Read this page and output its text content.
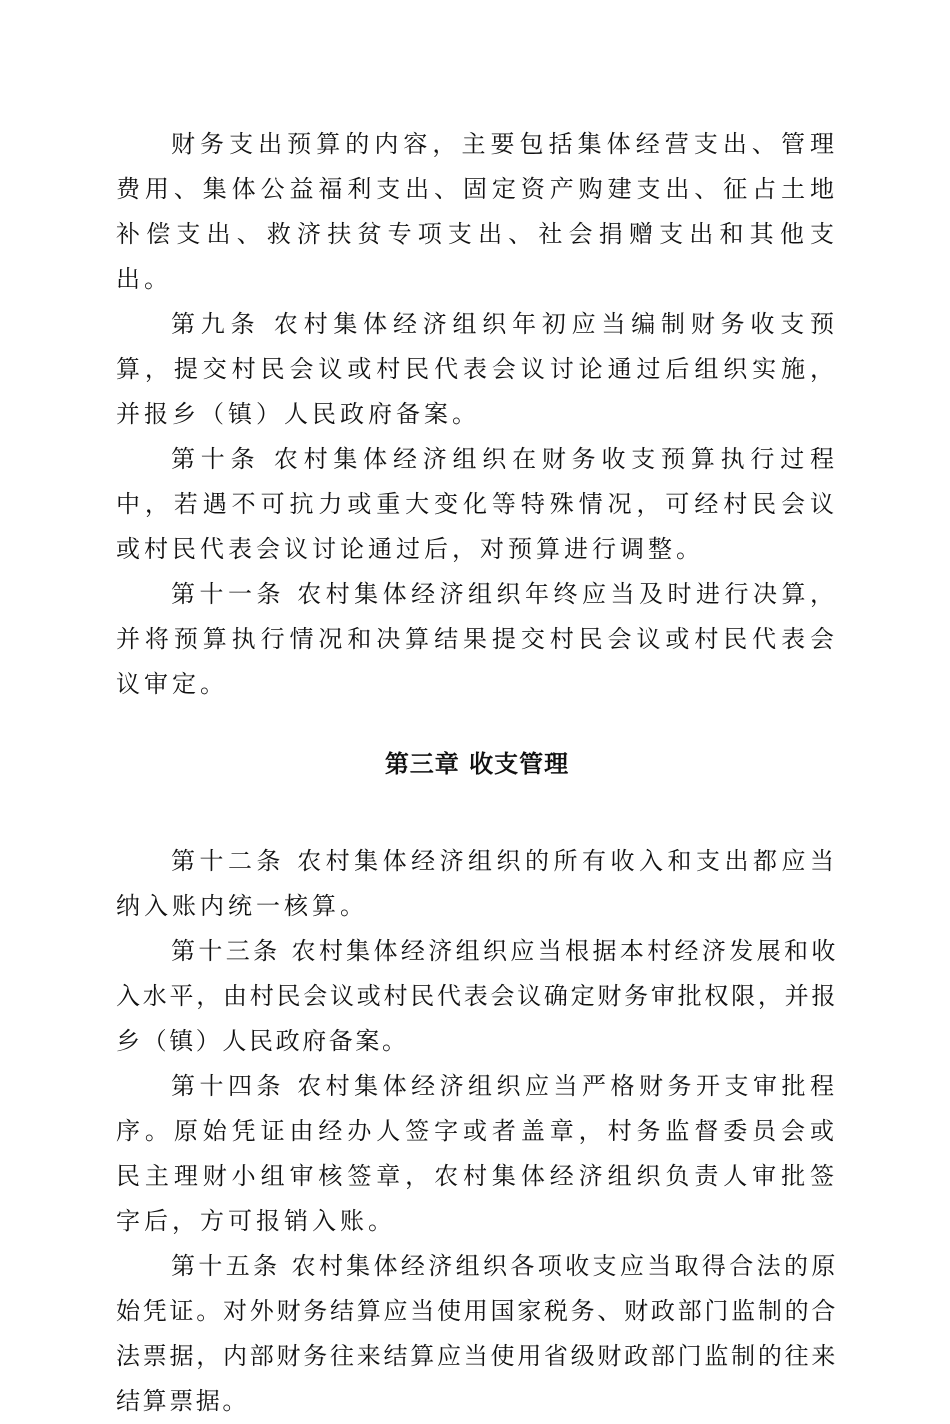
财务支出预算的内容，主要包括集体经营支出、管理费用、集体公益福利支出、固定资产购建支出、征占土地补偿支出、救济扶贫专项支出、社会捐赠支出和其他支出。

第九条 农村集体经济组织年初应当编制财务收支预算，提交村民会议或村民代表会议讨论通过后组织实施，并报乡（镇）人民政府备案。

第十条 农村集体经济组织在财务收支预算执行过程中，若遇不可抗力或重大变化等特殊情况，可经村民会议或村民代表会议讨论通过后，对预算进行调整。

第十一条 农村集体经济组织年终应当及时进行决算，并将预算执行情况和决算结果提交村民会议或村民代表会议审定。

第三章 收支管理

第十二条 农村集体经济组织的所有收入和支出都应当纳入账内统一核算。

第十三条 农村集体经济组织应当根据本村经济发展和收入水平，由村民会议或村民代表会议确定财务审批权限，并报乡（镇）人民政府备案。

第十四条 农村集体经济组织应当严格财务开支审批程序。原始凭证由经办人签字或者盖章，村务监督委员会或民主理财小组审核签章，农村集体经济组织负责人审批签字后，方可报销入账。

第十五条 农村集体经济组织各项收支应当取得合法的原始凭证。对外财务结算应当使用国家税务、财政部门监制的合法票据，内部财务往来结算应当使用省级财政部门监制的往来结算票据。
